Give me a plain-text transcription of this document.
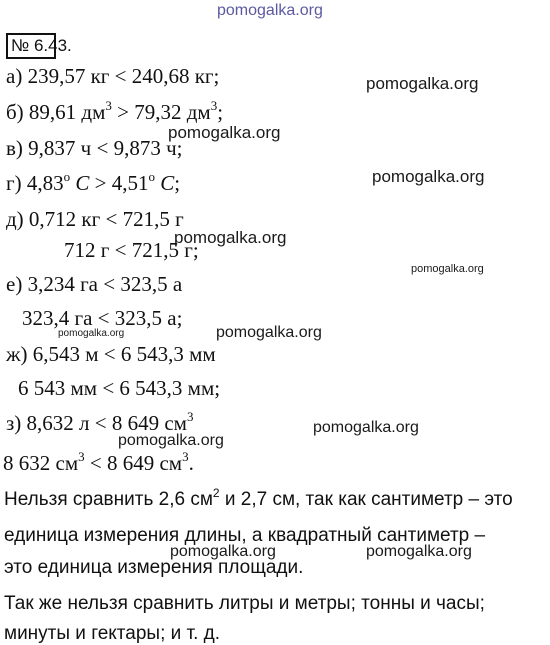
pomogalka.org
№ 6.43.
а) 239,57 кг < 240,68 кг;	pomogalka.org
б) 89,61 $дм^3 > 79,32$ $дм^3$;
pomogalka.org
в) 9,837 ч < 9,873 ч;
г) $4,83^о$ $C > 4,51^о$ C;	pomogalka.org
д) 0,712 кг < 721,5 г
pomogalka.org
712 г < 721,5 г;
pomogalka.org
е) 3,234 га < 323,5 а
323,4 га < 323,5 а;
pomogalka.org
pomogalka.org
ж) 6,543 м < 6 543,3 мм
6 543 мм < 6 543,3 мм;
з) 8,632 л < 8 649 $см^3$
pomogalka.org
pomogalka.org
8 632 $см^3 < 8$ 649 $см^3$.
Нельзя сравнить 2,6 $см^2$ и 2,7 см, так как сантиметр – это
единица измерения длины, а квадратный сантиметр –
pomogalka.org	pomogalka.org
это единица измерения площади.
Так же нельзя сравнить литры и метры; тонны и часы;
минуты и гектары; и т. д.
